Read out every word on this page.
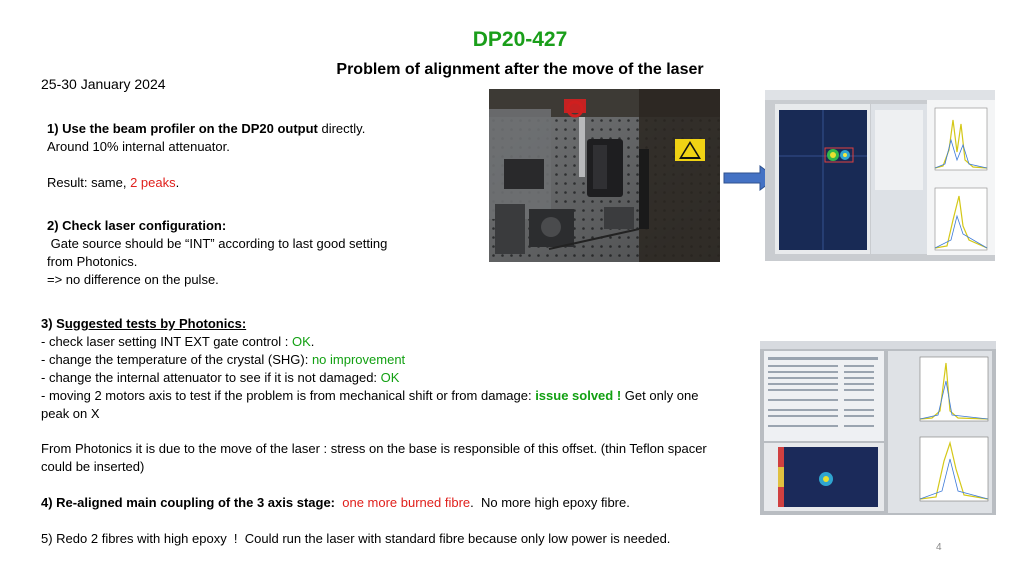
DP20-427
Problem of alignment after the move of the laser
25-30 January 2024
1) Use the beam profiler on the DP20 output directly.
Around 10% internal attenuator.
Result: same, 2 peaks.
2) Check laser configuration:
Gate source should be “INT” according to last good setting
from Photonics.
=> no difference on the pulse.
3) Suggested tests by Photonics:
- check laser setting INT EXT gate control : OK.
- change the temperature of the crystal (SHG): no improvement
- change the internal attenuator to see if it is not damaged: OK
- moving 2 motors axis to test if the problem is from mechanical shift or from damage: issue solved ! Get only one
peak on X
From Photonics it is due to the move of the laser : stress on the base is responsible of this offset. (thin Teflon spacer
could be inserted)
4) Re-aligned main coupling of the 3 axis stage: one more burned fibre.  No more high epoxy fibre.
5) Redo 2 fibres with high epoxy  !  Could run the laser with standard fibre because only low power is needed.
4
